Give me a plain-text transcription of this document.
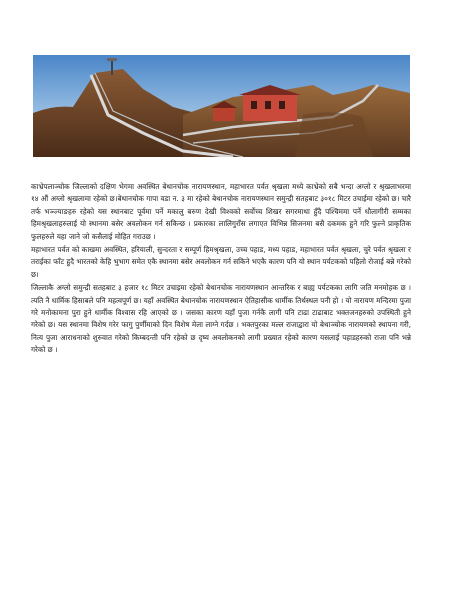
काभ्रेपलाञ्चोक जिल्लाको दक्षिण भेगमा अवस्थित बेथानचोक नारायणस्थान, महाभारत पर्वत श्रृखला मध्ये काभ्रेको सबै भन्दा अग्लो र श्रृखलाभरमा १४ औं अग्लो श्रृखलामा रहेको छ।बेथानचोक गापा वडा न. ३ मा रहेको बेथानचोक नारायणस्थान समुन्द्री सतहबाट ३०१८ मिटर उचाईमा रहेको छ। चारै तर्फ भञ्ज्याङहरु रहेको यस स्थानबाट पूर्वमा पर्ने मकालु बरुण देखी विश्वको सर्वोच्च शिखर सगरमाथा हुँदै पश्चिममा पर्ने धौलागीरी सम्मका हिमश्रृखलाहरुलाई यो स्थानमा बसेर अवलोकन गर्न सकिन्छ । प्रकारका लालिगुराँस लगाएत विभिन्न सिजनमा बसै दकमक हुने गरि फुल्ने प्राकृतिक फुलहरुले यहा जाने जो कसैलाई मोहित गराउछ ।

महाभारत पर्वत को काखमा अवस्थित, हरियाली, सुन्दरता र सम्पूर्ण हिमश्रृखला, उच्च पहाड, मध्य पहाड, महाभारत पर्वत श्रृखला, चुरे पर्वत श्रृखला र तराईका फाँट हुदै भारतको केहि भुभाग समेत एकै स्थानमा बसेर अवलोकन गर्न सकिने भएकै कारण पनि यो स्थान पर्यटकको पहिलो रोजाई बन्ने गरेको छ।

जिल्लाकै अग्लो समुन्द्री सतहबाट ३ हजार १८ मिटर उचाइमा रहेको बेथानचोक नारायणस्थान आन्तरिक र बाह्य पर्यटकका लागि जति मनमोहक छ । त्यति नै धार्मिक हिसाबले पनि महत्वपूर्ण छ। यहाँ अवस्थित बेथानचोक नारायणस्थान ऐतिहासीक धार्मीक तिर्थस्थल पनी हो । यो नारायण मन्दिरमा पुजा गरे मनोकामना पुरा हुने धार्मीक विश्वास रहि आएको छ । जसका कारण यहाँ पुजा गर्नकै लागी पनि टाढा टाढाबाट भक्तजनहरुको उपस्थिती हुने गरेको छ। यस स्थानमा विशेष गरेर फागु पुर्णीमाको दिन विशेष मेला लाग्ने गर्दछ । भक्तपुरका मल्ल राजाद्वारा यो बेथाञ्चोक नारायणको स्थापना गरी, नित्य पुजा आराधनाको शुरुवात गरेको किम्बदन्ती पनि रहेको छ दृष्य अवलोकनको लागी प्रख्यात रहेको कारण यसलाई पहाडहरुको राजा पनि भन्ने गरेको छ ।
